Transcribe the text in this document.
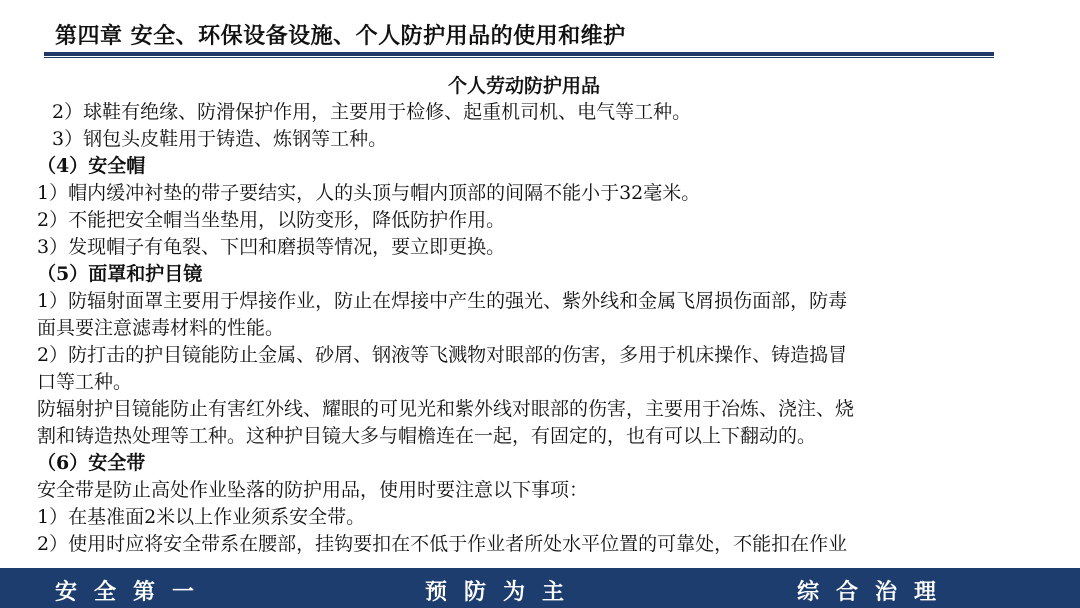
第四章 安全、环保设备设施、个人防护用品的使用和维护
个人劳动防护用品
2）球鞋有绝缘、防滑保护作用，主要用于检修、起重机司机、电气等工种。
3）钢包头皮鞋用于铸造、炼钢等工种。
（4）安全帽
1）帽内缓冲衬垫的带子要结实，人的头顶与帽内顶部的间隔不能小于32毫米。
2）不能把安全帽当坐垫用，以防变形，降低防护作用。
3）发现帽子有龟裂、下凹和磨损等情况，要立即更换。
（5）面罩和护目镜
1）防辐射面罩主要用于焊接作业，防止在焊接中产生的强光、紫外线和金属飞屑损伤面部，防毒
面具要注意滤毒材料的性能。
2）防打击的护目镜能防止金属、砂屑、钢液等飞溅物对眼部的伤害，多用于机床操作、铸造捣冒
口等工种。
防辐射护目镜能防止有害红外线、耀眼的可见光和紫外线对眼部的伤害，主要用于冶炼、浇注、烧
割和铸造热处理等工种。这种护目镜大多与帽檐连在一起，有固定的，也有可以上下翻动的。
（6）安全带
安全带是防止高处作业坠落的防护用品，使用时要注意以下事项：
1）在基准面2米以上作业须系安全带。
2）使用时应将安全带系在腰部，挂钩要扣在不低于作业者所处水平位置的可靠处，不能扣在作业
安全第一	预防为主	综合治理
